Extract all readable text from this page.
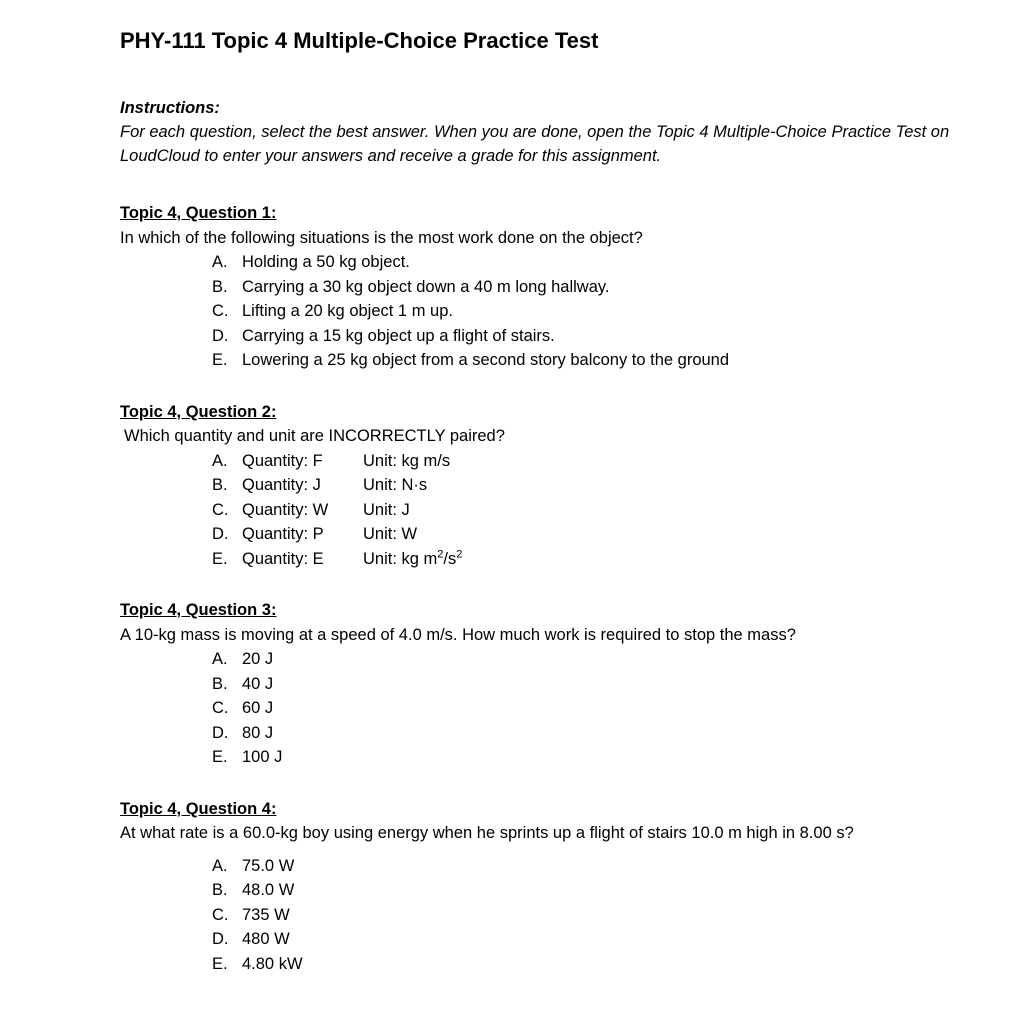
PHY-111 Topic 4 Multiple-Choice Practice Test
Instructions:
For each question, select the best answer. When you are done, open the Topic 4 Multiple-Choice Practice Test on LoudCloud to enter your answers and receive a grade for this assignment.
Topic 4, Question 1:
In which of the following situations is the most work done on the object?
A. Holding a 50 kg object.
B. Carrying a 30 kg object down a 40 m long hallway.
C. Lifting a 20 kg object 1 m up.
D. Carrying a 15 kg object up a flight of stairs.
E. Lowering a 25 kg object from a second story balcony to the ground
Topic 4, Question 2:
Which quantity and unit are INCORRECTLY paired?
A. Quantity: F	Unit: kg m/s
B. Quantity: J	Unit: N·s
C. Quantity: W	Unit: J
D. Quantity: P	Unit: W
E. Quantity: E	Unit: kg $m^2/s^2$
Topic 4, Question 3:
A 10-kg mass is moving at a speed of 4.0 m/s. How much work is required to stop the mass?
A. 20 J
B. 40 J
C. 60 J
D. 80 J
E. 100 J
Topic 4, Question 4:
At what rate is a 60.0-kg boy using energy when he sprints up a flight of stairs 10.0 m high in 8.00 s?
A. 75.0 W
B. 48.0 W
C. 735 W
D. 480 W
E. 4.80 kW
